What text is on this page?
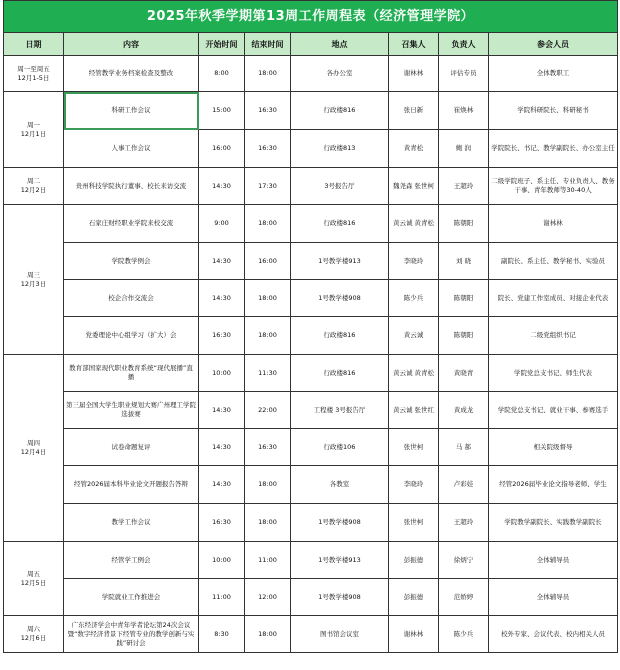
2025年秋季学期第13周工作周程表（经济管理学院）							
日期	内容	开始时间	结束时间	地点	召集人	负责人	参会人员

周一至周五
12月1-5日	经管教学业务档案检查及整改	8:00	18:00	各办公室	谢林林	评估专员	全体教职工

周一
12月1日	科研工作会议	15:00	16:30	行政楼816	张日新	崔焕林	学院科研院长、科研秘书
	人事工作会议	16:00	16:30	行政楼813	黄青松	鲍 润	学院院长、书记、教学副院长、办公室主任

周二
12月2日	贵州科技学院执行董事、校长来访交流	14:30	17:30	3号报告厅	魏尧森 张世柯	王超玲	二级学院班子、系主任、专业负责人、教务干事、青年教师等30-40人

周三
12月3日	石家庄财经职业学院来校交流	9:00	18:00	行政楼816	黄云诚 黄青松	陈朝阳	谢林林
	学院教学例会	14:30	16:00	1号教学楼913	李晓玲	刘 晓	副院长、系主任、教学秘书、实验员
	校企合作交流会	14:30	18:00	1号教学楼908	陈少兵	陈朝阳	院长、党建工作室成员、对接企业代表
	党委理论中心组学习（扩大）会	16:30	18:00	行政楼816	黄云诚	陈朝阳	二级党组织书记

周四
12月4日	教育部国家现代职业教育系统“现代展播”直播	10:00	11:30	行政楼816	黄云诚 黄青松	黄晓青	学院党总支书记、师生代表
	第三届全国大学生职业规划大赛广州理工学院选拔赛	14:30	22:00	工程楼 3号报告厅	黄云诚 张世红	黄成龙	学院党总支书记、就业干事、参赛选手
	试卷命题复评	14:30	16:30	行政楼106	张世柯	马 郝	相关院级督导
	经管2026届本科毕业论文开题报告答辩	14:30	18:00	各教室	李晓玲	卢彩娃	经管2026届毕业论文指导老师、学生
	教学工作会议	16:30	18:00	1号教学楼908	张世柯	王超玲	学院教学副院长、实践教学副院长

周五
12月5日	经管学工例会	10:00	11:00	1号教学楼913	彭振德	徐炳宁	全体辅导员
	学院就业工作推进会	11:00	12:00	1号教学楼908	彭振德	范娇婷	全体辅导员

周六
12月6日	广东经济学会中青年学者论坛第24次会议暨“数字经济背景下经管专业的教学创新与实践”研讨会	8:30	18:00	图书馆会议室	谢林林	陈少兵	校外专家、会议代表、校内相关人员
